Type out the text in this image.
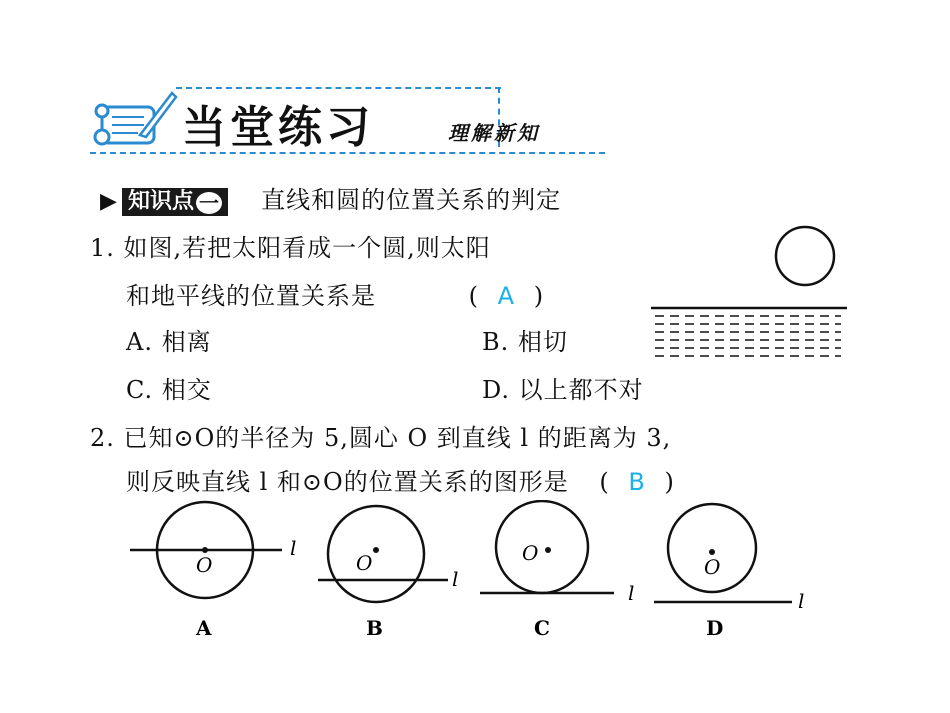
当堂练习	理解新知
▶ 知识点 一 直线和圆的位置关系的判定
1. 如图,若把太阳看成一个圆,则太阳
和地平线的位置关系是	( A )
A. 相离	B. 相切
C. 相交	D. 以上都不对
2. 已知⊙O的半径为 5,圆心 O 到直线 l 的距离为 3,
则反映直线 l 和⊙O的位置关系的图形是 ( B )
O
l
A
O
l
B
O
l
C
O
l
D
